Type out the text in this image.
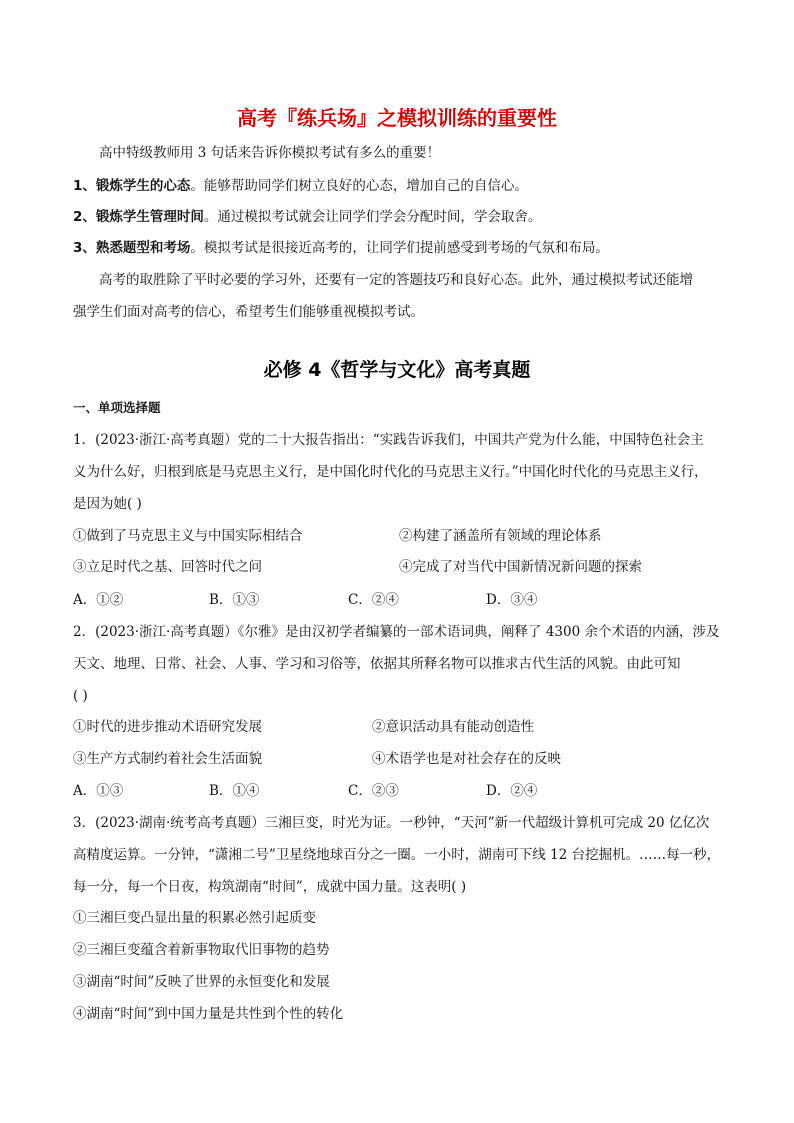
高考『练兵场』之模拟训练的重要性
高中特级教师用 3 句话来告诉你模拟考试有多么的重要！
1、锻炼学生的心态。能够帮助同学们树立良好的心态，增加自己的自信心。
2、锻炼学生管理时间。通过模拟考试就会让同学们学会分配时间，学会取舍。
3、熟悉题型和考场。模拟考试是很接近高考的，让同学们提前感受到考场的气氛和布局。
高考的取胜除了平时必要的学习外，还要有一定的答题技巧和良好心态。此外，通过模拟考试还能增
强学生们面对高考的信心，希望考生们能够重视模拟考试。
必修 4《哲学与文化》高考真题
一、单项选择题
1．(2023·浙江·高考真题）党的二十大报告指出：“实践告诉我们，中国共产党为什么能，中国特色社会主
义为什么好，归根到底是马克思主义行，是中国化时代化的马克思主义行。”中国化时代化的马克思主义行，
是因为她( )
①做到了马克思主义与中国实际相结合	②构建了涵盖所有领域的理论体系
③立足时代之基、回答时代之问	④完成了对当代中国新情况新问题的探索
A．①②	B．①③	C．②④	D．③④
2．(2023·浙江·高考真题）《尔雅》是由汉初学者编纂的一部术语词典，阐释了 4300 余个术语的内涵，涉及
天文、地理、日常、社会、人事、学习和习俗等，依据其所释名物可以推求古代生活的风貌。由此可知
( )
①时代的进步推动术语研究发展	②意识活动具有能动创造性
③生产方式制约着社会生活面貌	④术语学也是对社会存在的反映
A．①③	B．①④	C．②③	D．②④
3．(2023·湖南·统考高考真题）三湘巨变，时光为证。一秒钟，“天河”新一代超级计算机可完成 20 亿亿次
高精度运算。一分钟，“潇湘二号”卫星绕地球百分之一圈。一小时，湖南可下线 12 台挖掘机。……每一秒，
每一分，每一个日夜，构筑湖南“时间”，成就中国力量。这表明( )
①三湘巨变凸显出量的积累必然引起质变
②三湘巨变蕴含着新事物取代旧事物的趋势
③湖南“时间”反映了世界的永恒变化和发展
④湖南“时间”到中国力量是共性到个性的转化
